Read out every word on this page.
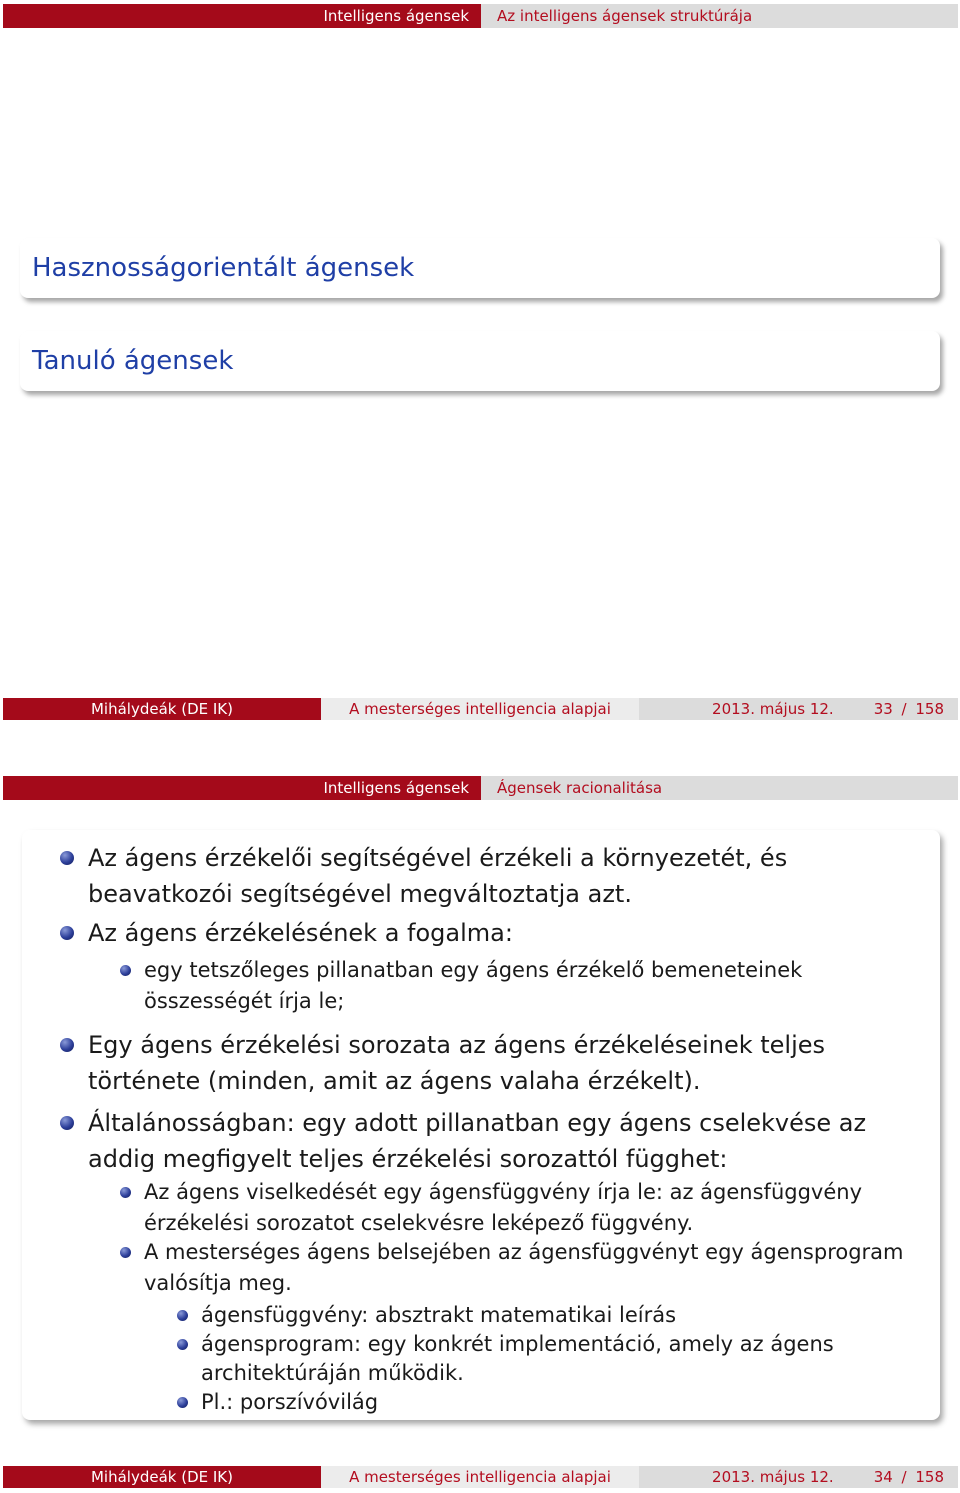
Intelligens ágensek	Az intelligens ágensek struktúrája
Hasznosságorientált ágensek
Tanuló ágensek
Mihálydeák (DE IK)	A mesterséges intelligencia alapjai	2013. május 12.	33 / 158
Intelligens ágensek	Ágensek racionalitása
Az ágens érzékelői segítségével érzékeli a környezetét, és beavatkozói segítségével megváltoztatja azt.
Az ágens érzékelésének a fogalma:
egy tetszőleges pillanatban egy ágens érzékelő bemeneteinek összességét írja le;
Egy ágens érzékelési sorozata az ágens érzékeléseinek teljes története (minden, amit az ágens valaha érzékelt).
Általánosságban: egy adott pillanatban egy ágens cselekvése az addig megfigyelt teljes érzékelési sorozattól függhet:
Az ágens viselkedését egy ágensfüggvény írja le: az ágensfüggvény érzékelési sorozatot cselekvésre leképező függvény.
A mesterséges ágens belsejében az ágensfüggvényt egy ágensprogram valósítja meg.
ágensfüggvény: absztrakt matematikai leírás
ágensprogram: egy konkrét implementáció, amely az ágens architektúráján működik.
Pl.: porszívóvilág
Mihálydeák (DE IK)	A mesterséges intelligencia alapjai	2013. május 12.	34 / 158
